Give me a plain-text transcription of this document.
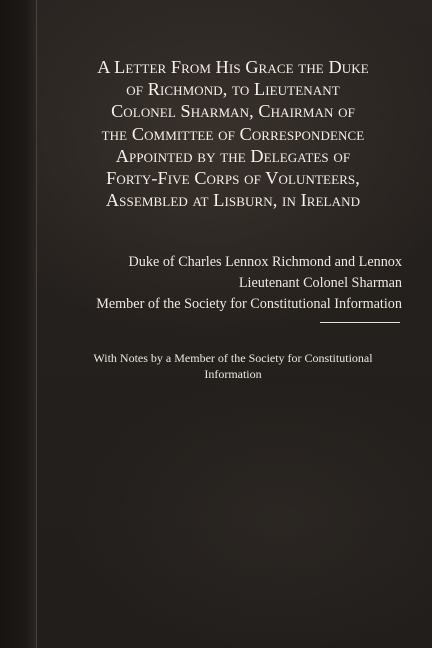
A Letter From His Grace the Duke
of Richmond, to Lieutenant
Colonel Sharman, Chairman of
the Committee of Correspondence
Appointed by the Delegates of
Forty-Five Corps of Volunteers,
Assembled at Lisburn, in Ireland
Duke of Charles Lennox Richmond and Lennox
Lieutenant Colonel Sharman
Member of the Society for Constitutional Information

With Notes by a Member of the Society for Constitutional
Information
